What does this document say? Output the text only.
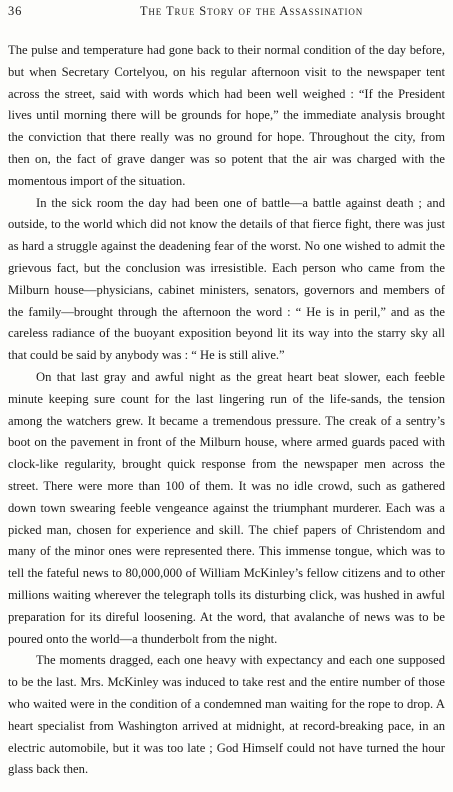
36	The True Story of the Assassination

The pulse and temperature had gone back to their normal condition of the day before, but when Secretary Cortelyou, on his regular afternoon visit to the newspaper tent across the street, said with words which had been well weighed : “If the President lives until morning there will be grounds for hope,” the immediate analysis brought the conviction that there really was no ground for hope. Throughout the city, from then on, the fact of grave danger was so potent that the air was charged with the momentous import of the situation.

In the sick room the day had been one of battle—a battle against death ; and outside, to the world which did not know the details of that fierce fight, there was just as hard a struggle against the deadening fear of the worst. No one wished to admit the grievous fact, but the conclusion was irresistible. Each person who came from the Milburn house—physicians, cabinet ministers, senators, governors and members of the family—brought through the afternoon the word : “ He is in peril,” and as the careless radiance of the buoyant exposition beyond lit its way into the starry sky all that could be said by anybody was : “ He is still alive.”

On that last gray and awful night as the great heart beat slower, each feeble minute keeping sure count for the last lingering run of the life-sands, the tension among the watchers grew. It became a tremendous pressure. The creak of a sentry’s boot on the pavement in front of the Milburn house, where armed guards paced with clock-like regularity, brought quick response from the newspaper men across the street. There were more than 100 of them. It was no idle crowd, such as gathered down town swearing feeble vengeance against the triumphant murderer. Each was a picked man, chosen for experience and skill. The chief papers of Christendom and many of the minor ones were represented there. This immense tongue, which was to tell the fateful news to 80,000,000 of William McKinley’s fellow citizens and to other millions waiting wherever the telegraph tolls its disturbing click, was hushed in awful preparation for its direful loosening. At the word, that avalanche of news was to be poured onto the world—a thunderbolt from the night.

The moments dragged, each one heavy with expectancy and each one supposed to be the last. Mrs. McKinley was induced to take rest and the entire number of those who waited were in the condition of a condemned man waiting for the rope to drop. A heart specialist from Washington arrived at midnight, at record-breaking pace, in an electric automobile, but it was too late ; God Himself could not have turned the hour glass back then.
